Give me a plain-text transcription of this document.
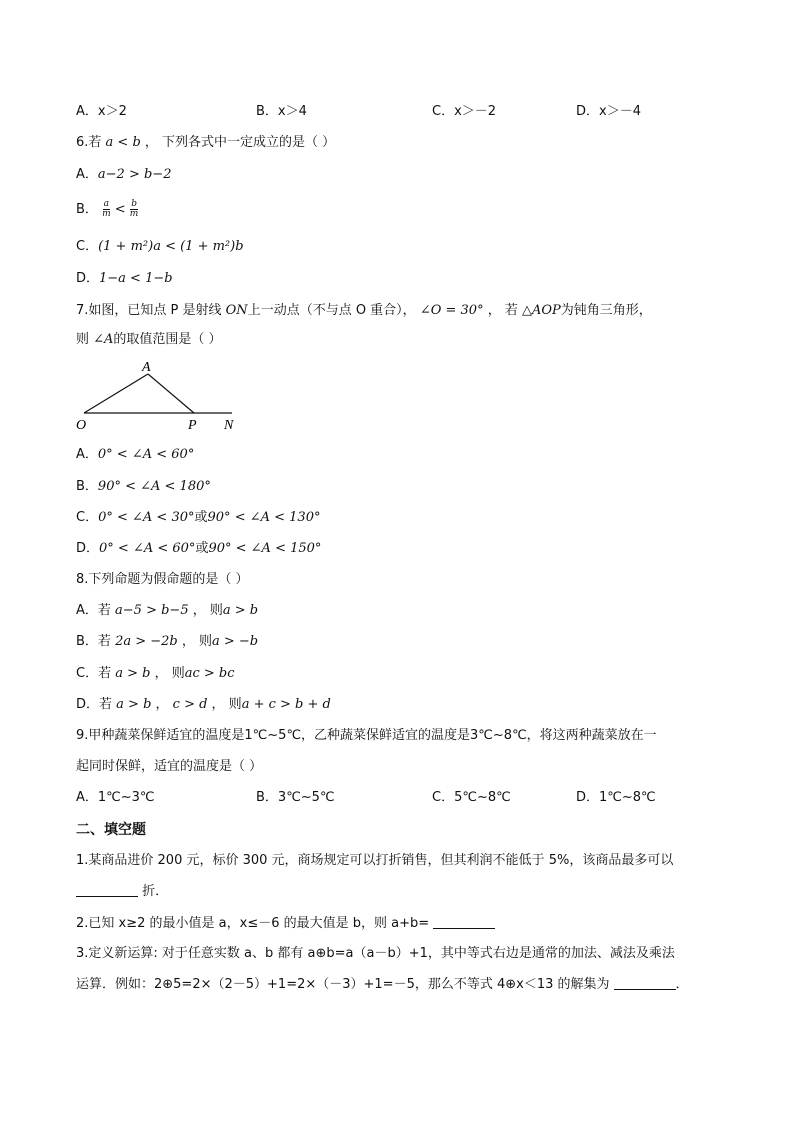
A．x＞2	B．x＞4	C．x＞－2	D．x＞－4
6.若 a < b ， 下列各式中一定成立的是（ ）
A．a−2 > b−2
B． $\frac{a}{m} < \frac{b}{m}$
C．(1 + m²)a < (1 + m²)b
D．1−a < 1−b
7.如图，已知点 P 是射线 ON上一动点（不与点 O 重合）， ∠O = 30° ， 若 △AOP为钝角三角形，
则 ∠A的取值范围是（ ）
A
O	P N
A．0° < ∠A < 60°
B．90° < ∠A < 180°
C．0° < ∠A < 30°或90° < ∠A < 130°
D．0° < ∠A < 60°或90° < ∠A < 150°
8.下列命题为假命题的是（ ）
A．若 a−5 > b−5 ， 则a > b
B．若 2a > −2b ， 则a > −b
C．若 a > b ， 则ac > bc
D．若 a > b ， c > d ， 则a + c > b + d
9.甲种蔬菜保鲜适宜的温度是1℃~5℃，乙种蔬菜保鲜适宜的温度是3℃~8℃，将这两种蔬菜放在一
起同时保鲜，适宜的温度是（ ）
A．1℃~3℃	B．3℃~5℃	C．5℃~8℃	D．1℃~8℃
二、填空题
1.某商品进价 200 元，标价 300 元，商场规定可以打折销售，但其利润不能低于 5%，该商品最多可以
折．
2.已知 x≥2 的最小值是 a，x≤－6 的最大值是 b，则 a+b=
3.定义新运算: 对于任意实数 a、b 都有 a⊕b=a（a－b）+1，其中等式右边是通常的加法、减法及乘法
运算．例如：2⊕5=2×（2－5）+1=2×（－3）+1=－5，那么不等式 4⊕x＜13 的解集为	．
